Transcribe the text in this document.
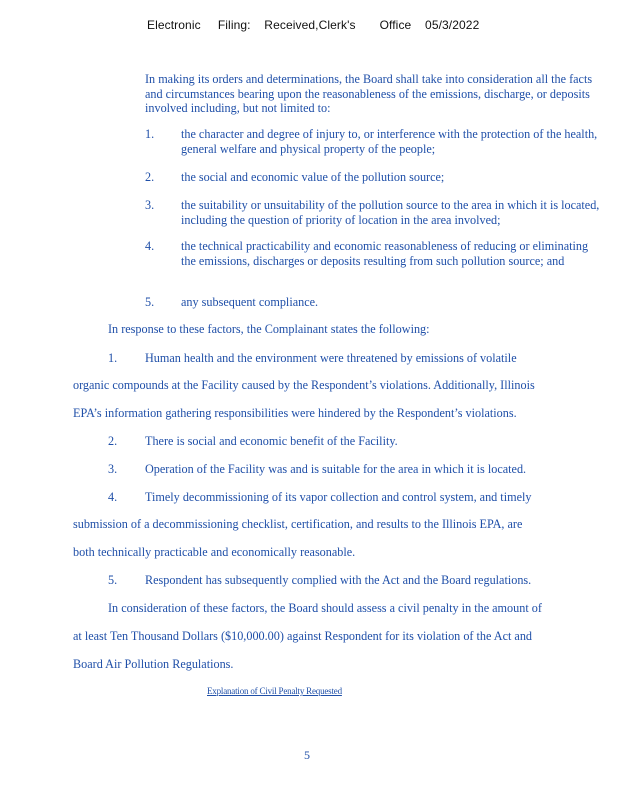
Electronic     Filing:    Received,Clerk's       Office    05/3/2022

In making its orders and determinations, the Board shall take into consideration all the facts and circumstances bearing upon the reasonableness of the emissions, discharge, or deposits involved including, but not limited to:

1. the character and degree of injury to, or interference with the protection of the health, general welfare and physical property of the people;
2. the social and economic value of the pollution source;
3. the suitability or unsuitability of the pollution source to the area in which it is located, including the question of priority of location in the area involved;
4. the technical practicability and economic reasonableness of reducing or eliminating the emissions, discharges or deposits resulting from such pollution source; and
5. any subsequent compliance.
In response to these factors, the Complainant states the following:
1. Human health and the environment were threatened by emissions of volatile
organic compounds at the Facility caused by the Respondent’s violations. Additionally, Illinois
EPA’s information gathering responsibilities were hindered by the Respondent’s violations.
2. There is social and economic benefit of the Facility.
3. Operation of the Facility was and is suitable for the area in which it is located.
4. Timely decommissioning of its vapor collection and control system, and timely
submission of a decommissioning checklist, certification, and results to the Illinois EPA, are
both technically practicable and economically reasonable.
5. Respondent has subsequently complied with the Act and the Board regulations.
In consideration of these factors, the Board should assess a civil penalty in the amount of
at least Ten Thousand Dollars ($10,000.00) against Respondent for its violation of the Act and
Board Air Pollution Regulations.
Explanation of Civil Penalty Requested
5
